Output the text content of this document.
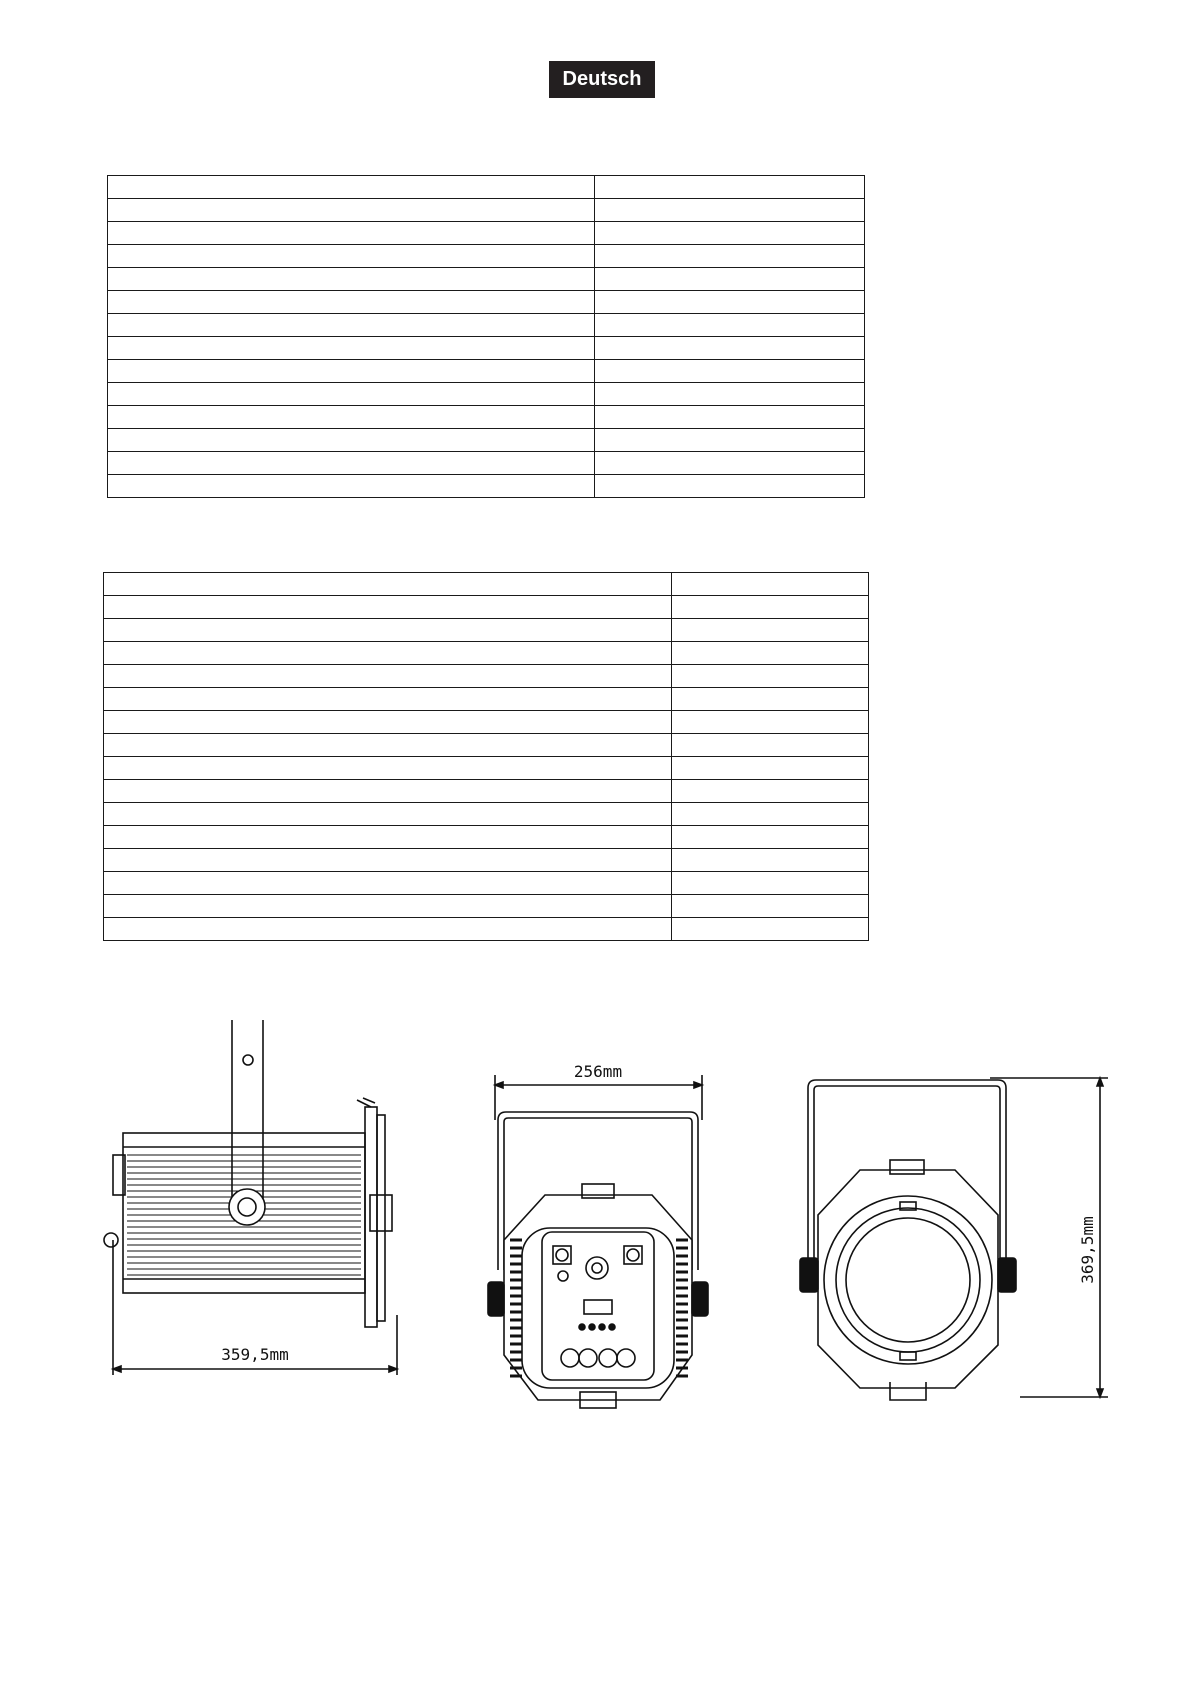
Deutsch

359,5mm
256mm
369,5mm
